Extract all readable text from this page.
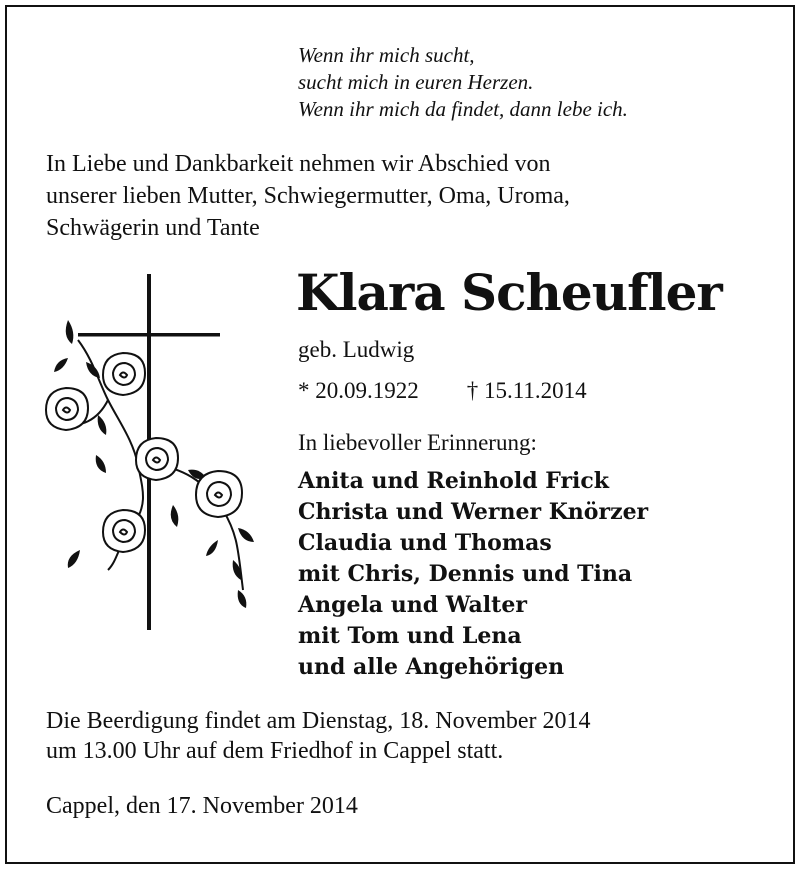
Wenn ihr mich sucht,
sucht mich in euren Herzen.
Wenn ihr mich da findet, dann lebe ich.
In Liebe und Dankbarkeit nehmen wir Abschied von
unserer lieben Mutter, Schwiegermutter, Oma, Uroma,
Schwägerin und Tante
Klara Scheufler
geb. Ludwig
* 20.09.1922 † 15.11.2014
In liebevoller Erinnerung:
Anita und Reinhold Frick
Christa und Werner Knörzer
Claudia und Thomas
mit Chris, Dennis und Tina
Angela und Walter
mit Tom und Lena
und alle Angehörigen
Die Beerdigung findet am Dienstag, 18. November 2014
um 13.00 Uhr auf dem Friedhof in Cappel statt.
Cappel, den 17. November 2014
